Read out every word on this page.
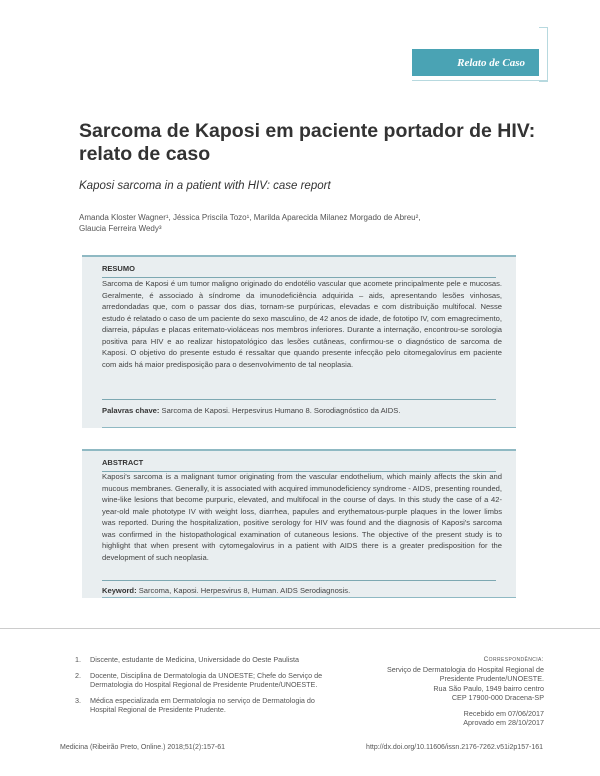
Relato de Caso
Sarcoma de Kaposi em paciente portador de HIV: relato de caso
Kaposi sarcoma in a patient with HIV: case report
Amanda Kloster Wagner¹, Jéssica Priscila Tozo¹, Marilda Aparecida Milanez Morgado de Abreu²,
Glaucia Ferreira Wedy³
RESUMO
Sarcoma de Kaposi é um tumor maligno originado do endotélio vascular que acomete principalmente pele e mucosas. Geralmente, é associado à síndrome da imunodeficiência adquirida – aids, apresentando lesões vinhosas, arredondadas que, com o passar dos dias, tornam-se purpúricas, elevadas e com distribuição multifocal. Nesse estudo é relatado o caso de um paciente do sexo masculino, de 42 anos de idade, de fototipo IV, com emagrecimento, diarreia, pápulas e placas eritemato-violáceas nos membros inferiores. Durante a internação, encontrou-se sorologia positiva para HIV e ao realizar histopatológico das lesões cutâneas, confirmou-se o diagnóstico de sarcoma de Kaposi. O objetivo do presente estudo é ressaltar que quando presente infecção pelo citomegalovírus em paciente com aids há maior predisposição para o desenvolvimento de tal neoplasia.
Palavras chave: Sarcoma de Kaposi. Herpesvirus Humano 8. Sorodiagnóstico da AIDS.
ABSTRACT
Kaposi's sarcoma is a malignant tumor originating from the vascular endothelium, which mainly affects the skin and mucous membranes. Generally, it is associated with acquired immunodeficiency syndrome - AIDS, presenting rounded, wine-like lesions that become purpuric, elevated, and multifocal in the course of days. In this study the case of a 42-year-old male phototype IV with weight loss, diarrhea, papules and erythematous-purple plaques in the lower limbs was reported. During the hospitalization, positive serology for HIV was found and the diagnosis of Kaposi's sarcoma was confirmed in the histopathological examination of cutaneous lesions. The objective of the present study is to highlight that when present with cytomegalovirus in a patient with AIDS there is a greater predisposition for the development of such neoplasia.
Keyword: Sarcoma, Kaposi. Herpesvirus 8, Human. AIDS Serodiagnosis.
1. Discente, estudante de Medicina, Universidade do Oeste Paulista
2. Docente, Disciplina de Dermatologia da UNOESTE; Chefe do Serviço de Dermatologia do Hospital Regional de Presidente Prudente/UNOESTE.
3. Médica especializada em Dermatologia no serviço de Dermatologia do Hospital Regional de Presidente Prudente.
Correspondência:
Serviço de Dermatologia do Hospital Regional de
Presidente Prudente/UNOESTE.
Rua São Paulo, 1949 bairro centro
CEP 17900-000 Dracena-SP
Recebido em 07/06/2017
Aprovado em 28/10/2017
Medicina (Ribeirão Preto, Online.) 2018;51(2):157-61	http://dx.doi.org/10.11606/issn.2176-7262.v51i2p157-161
